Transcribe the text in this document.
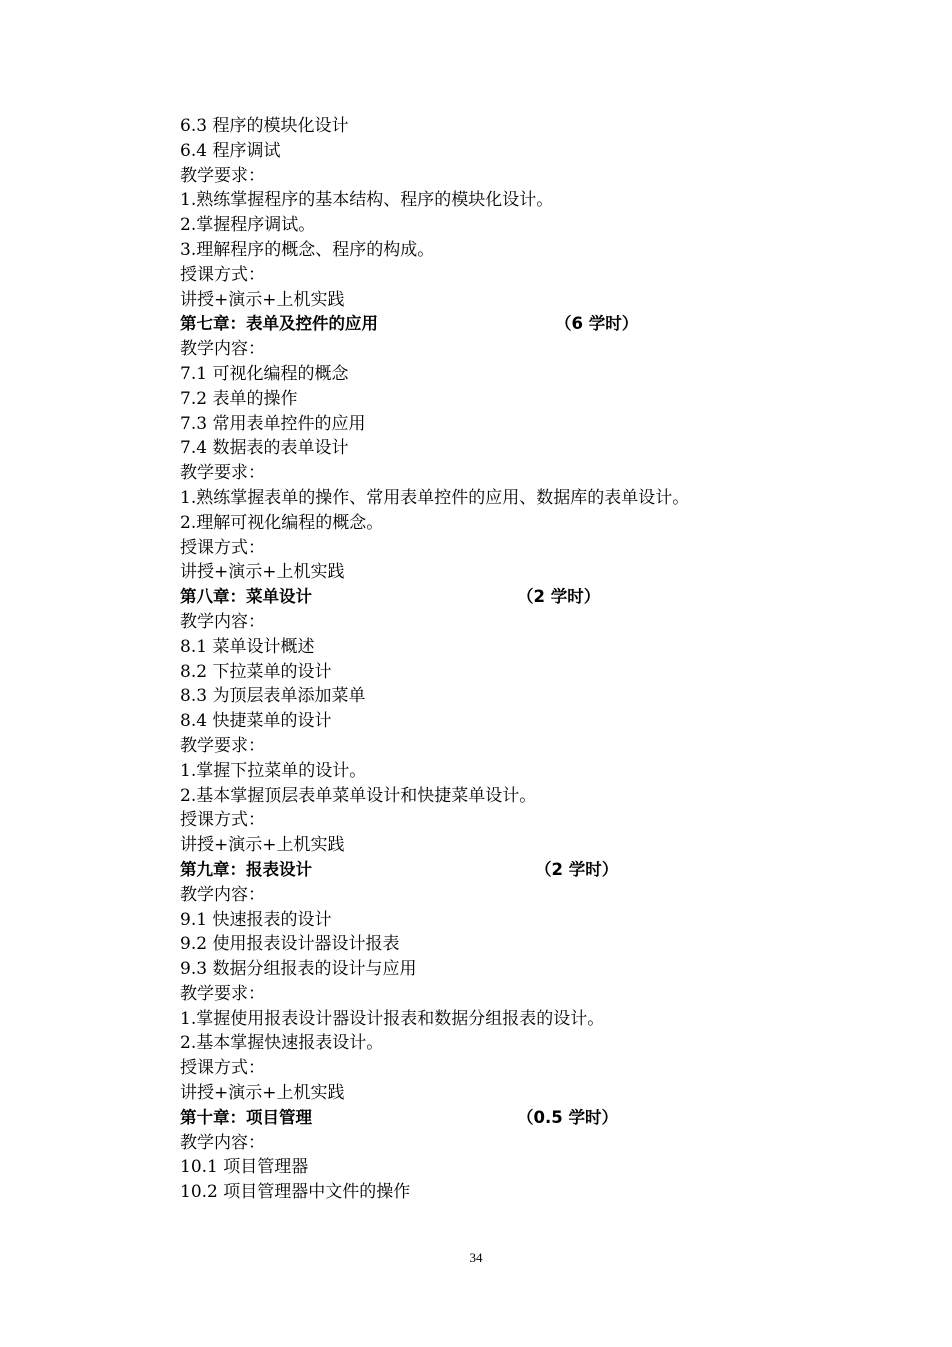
6.3 程序的模块化设计
6.4 程序调试
教学要求：
1.熟练掌握程序的基本结构、程序的模块化设计。
2.掌握程序调试。
3.理解程序的概念、程序的构成。
授课方式：
讲授+演示+上机实践
第七章：表单及控件的应用	（6 学时）
教学内容：
7.1 可视化编程的概念
7.2 表单的操作
7.3 常用表单控件的应用
7.4 数据表的表单设计
教学要求：
1.熟练掌握表单的操作、常用表单控件的应用、数据库的表单设计。
2.理解可视化编程的概念。
授课方式：
讲授+演示+上机实践
第八章：菜单设计	（2 学时）
教学内容：
8.1 菜单设计概述
8.2 下拉菜单的设计
8.3 为顶层表单添加菜单
8.4 快捷菜单的设计
教学要求：
1.掌握下拉菜单的设计。
2.基本掌握顶层表单菜单设计和快捷菜单设计。
授课方式：
讲授+演示+上机实践
第九章：报表设计	（2 学时）
教学内容：
9.1 快速报表的设计
9.2 使用报表设计器设计报表
9.3 数据分组报表的设计与应用
教学要求：
1.掌握使用报表设计器设计报表和数据分组报表的设计。
2.基本掌握快速报表设计。
授课方式：
讲授+演示+上机实践
第十章：项目管理	（0.5 学时）
教学内容：
10.1 项目管理器
10.2 项目管理器中文件的操作
34
